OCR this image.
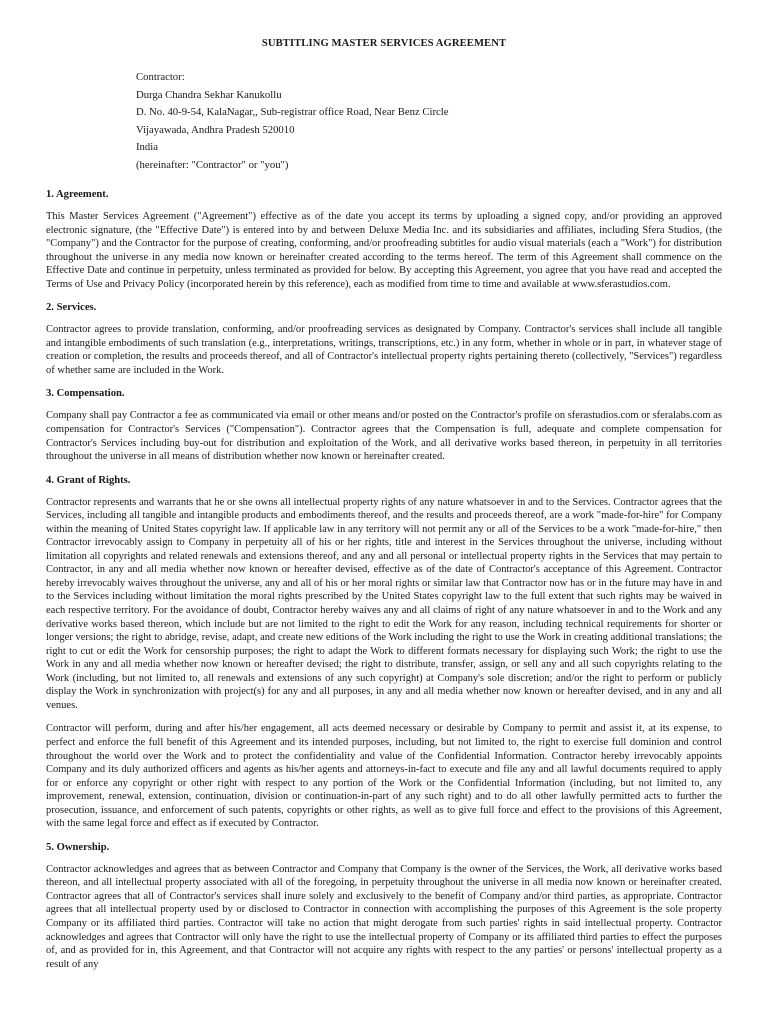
SUBTITLING MASTER SERVICES AGREEMENT
Contractor:
Durga Chandra Sekhar Kanukollu
D. No. 40-9-54, KalaNagar,, Sub-registrar office Road, Near Benz Circle
Vijayawada, Andhra Pradesh 520010
India
(hereinafter: "Contractor" or "you")
1. Agreement.

This Master Services Agreement ("Agreement") effective as of the date you accept its terms by uploading a signed copy, and/or providing an approved electronic signature, (the "Effective Date") is entered into by and between Deluxe Media Inc. and its subsidiaries and affiliates, including Sfera Studios, (the "Company") and the Contractor for the purpose of creating, conforming, and/or proofreading subtitles for audio visual materials (each a "Work") for distribution throughout the universe in any media now known or hereinafter created according to the terms hereof. The term of this Agreement shall commence on the Effective Date and continue in perpetuity, unless terminated as provided for below. By accepting this Agreement, you agree that you have read and accepted the Terms of Use and Privacy Policy (incorporated herein by this reference), each as modified from time to time and available at www.sferastudios.com.

2. Services.

Contractor agrees to provide translation, conforming, and/or proofreading services as designated by Company. Contractor's services shall include all tangible and intangible embodiments of such translation (e.g., interpretations, writings, transcriptions, etc.) in any form, whether in whole or in part, in whatever stage of creation or completion, the results and proceeds thereof, and all of Contractor's intellectual property rights pertaining thereto (collectively, "Services") regardless of whether same are included in the Work.

3. Compensation.

Company shall pay Contractor a fee as communicated via email or other means and/or posted on the Contractor's profile on sferastudios.com or sferalabs.com as compensation for Contractor's Services ("Compensation"). Contractor agrees that the Compensation is full, adequate and complete compensation for Contractor's Services including buy-out for distribution and exploitation of the Work, and all derivative works based thereon, in perpetuity in all territories throughout the universe in all means of distribution whether now known or hereinafter created.

4. Grant of Rights.

Contractor represents and warrants that he or she owns all intellectual property rights of any nature whatsoever in and to the Services. Contractor agrees that the Services, including all tangible and intangible products and embodiments thereof, and the results and proceeds thereof, are a work "made-for-hire" for Company within the meaning of United States copyright law. If applicable law in any territory will not permit any or all of the Services to be a work "made-for-hire," then Contractor irrevocably assign to Company in perpetuity all of his or her rights, title and interest in the Services throughout the universe, including without limitation all copyrights and related renewals and extensions thereof, and any and all personal or intellectual property rights in the Services that may pertain to Contractor, in any and all media whether now known or hereafter devised, effective as of the date of Contractor's acceptance of this Agreement. Contractor hereby irrevocably waives throughout the universe, any and all of his or her moral rights or similar law that Contractor now has or in the future may have in and to the Services including without limitation the moral rights prescribed by the United States copyright law to the full extent that such rights may be waived in each respective territory. For the avoidance of doubt, Contractor hereby waives any and all claims of right of any nature whatsoever in and to the Work and any derivative works based thereon, which include but are not limited to the right to edit the Work for any reason, including technical requirements for shorter or longer versions; the right to abridge, revise, adapt, and create new editions of the Work including the right to use the Work in creating additional translations; the right to cut or edit the Work for censorship purposes; the right to adapt the Work to different formats necessary for displaying such Work; the right to use the Work in any and all media whether now known or hereafter devised; the right to distribute, transfer, assign, or sell any and all such copyrights relating to the Work (including, but not limited to, all renewals and extensions of any such copyright) at Company's sole discretion; and/or the right to perform or publicly display the Work in synchronization with project(s) for any and all purposes, in any and all media whether now known or hereafter devised, and in any and all venues.

Contractor will perform, during and after his/her engagement, all acts deemed necessary or desirable by Company to permit and assist it, at its expense, to perfect and enforce the full benefit of this Agreement and its intended purposes, including, but not limited to, the right to exercise full dominion and control throughout the world over the Work and to protect the confidentiality and value of the Confidential Information. Contractor hereby irrevocably appoints Company and its duly authorized officers and agents as his/her agents and attorneys-in-fact to execute and file any and all lawful documents required to apply for or enforce any copyright or other right with respect to any portion of the Work or the Confidential Information (including, but not limited to, any improvement, renewal, extension, continuation, division or continuation-in-part of any such right) and to do all other lawfully permitted acts to further the prosecution, issuance, and enforcement of such patents, copyrights or other rights, as well as to give full force and effect to the provisions of this Agreement, with the same legal force and effect as if executed by Contractor.

5. Ownership.

Contractor acknowledges and agrees that as between Contractor and Company that Company is the owner of the Services, the Work, all derivative works based thereon, and all intellectual property associated with all of the foregoing, in perpetuity throughout the universe in all media now known or hereinafter created. Contractor agrees that all of Contractor's services shall inure solely and exclusively to the benefit of Company and/or third parties, as appropriate. Contractor agrees that all intellectual property used by or disclosed to Contractor in connection with accomplishing the purposes of this Agreement is the sole property Company or its affiliated third parties. Contractor will take no action that might derogate from such parties' rights in said intellectual property. Contractor acknowledges and agrees that Contractor will only have the right to use the intellectual property of Company or its affiliated third parties to effect the purposes of, and as provided for in, this Agreement, and that Contractor will not acquire any rights with respect to the any parties' or persons' intellectual property as a result of any
